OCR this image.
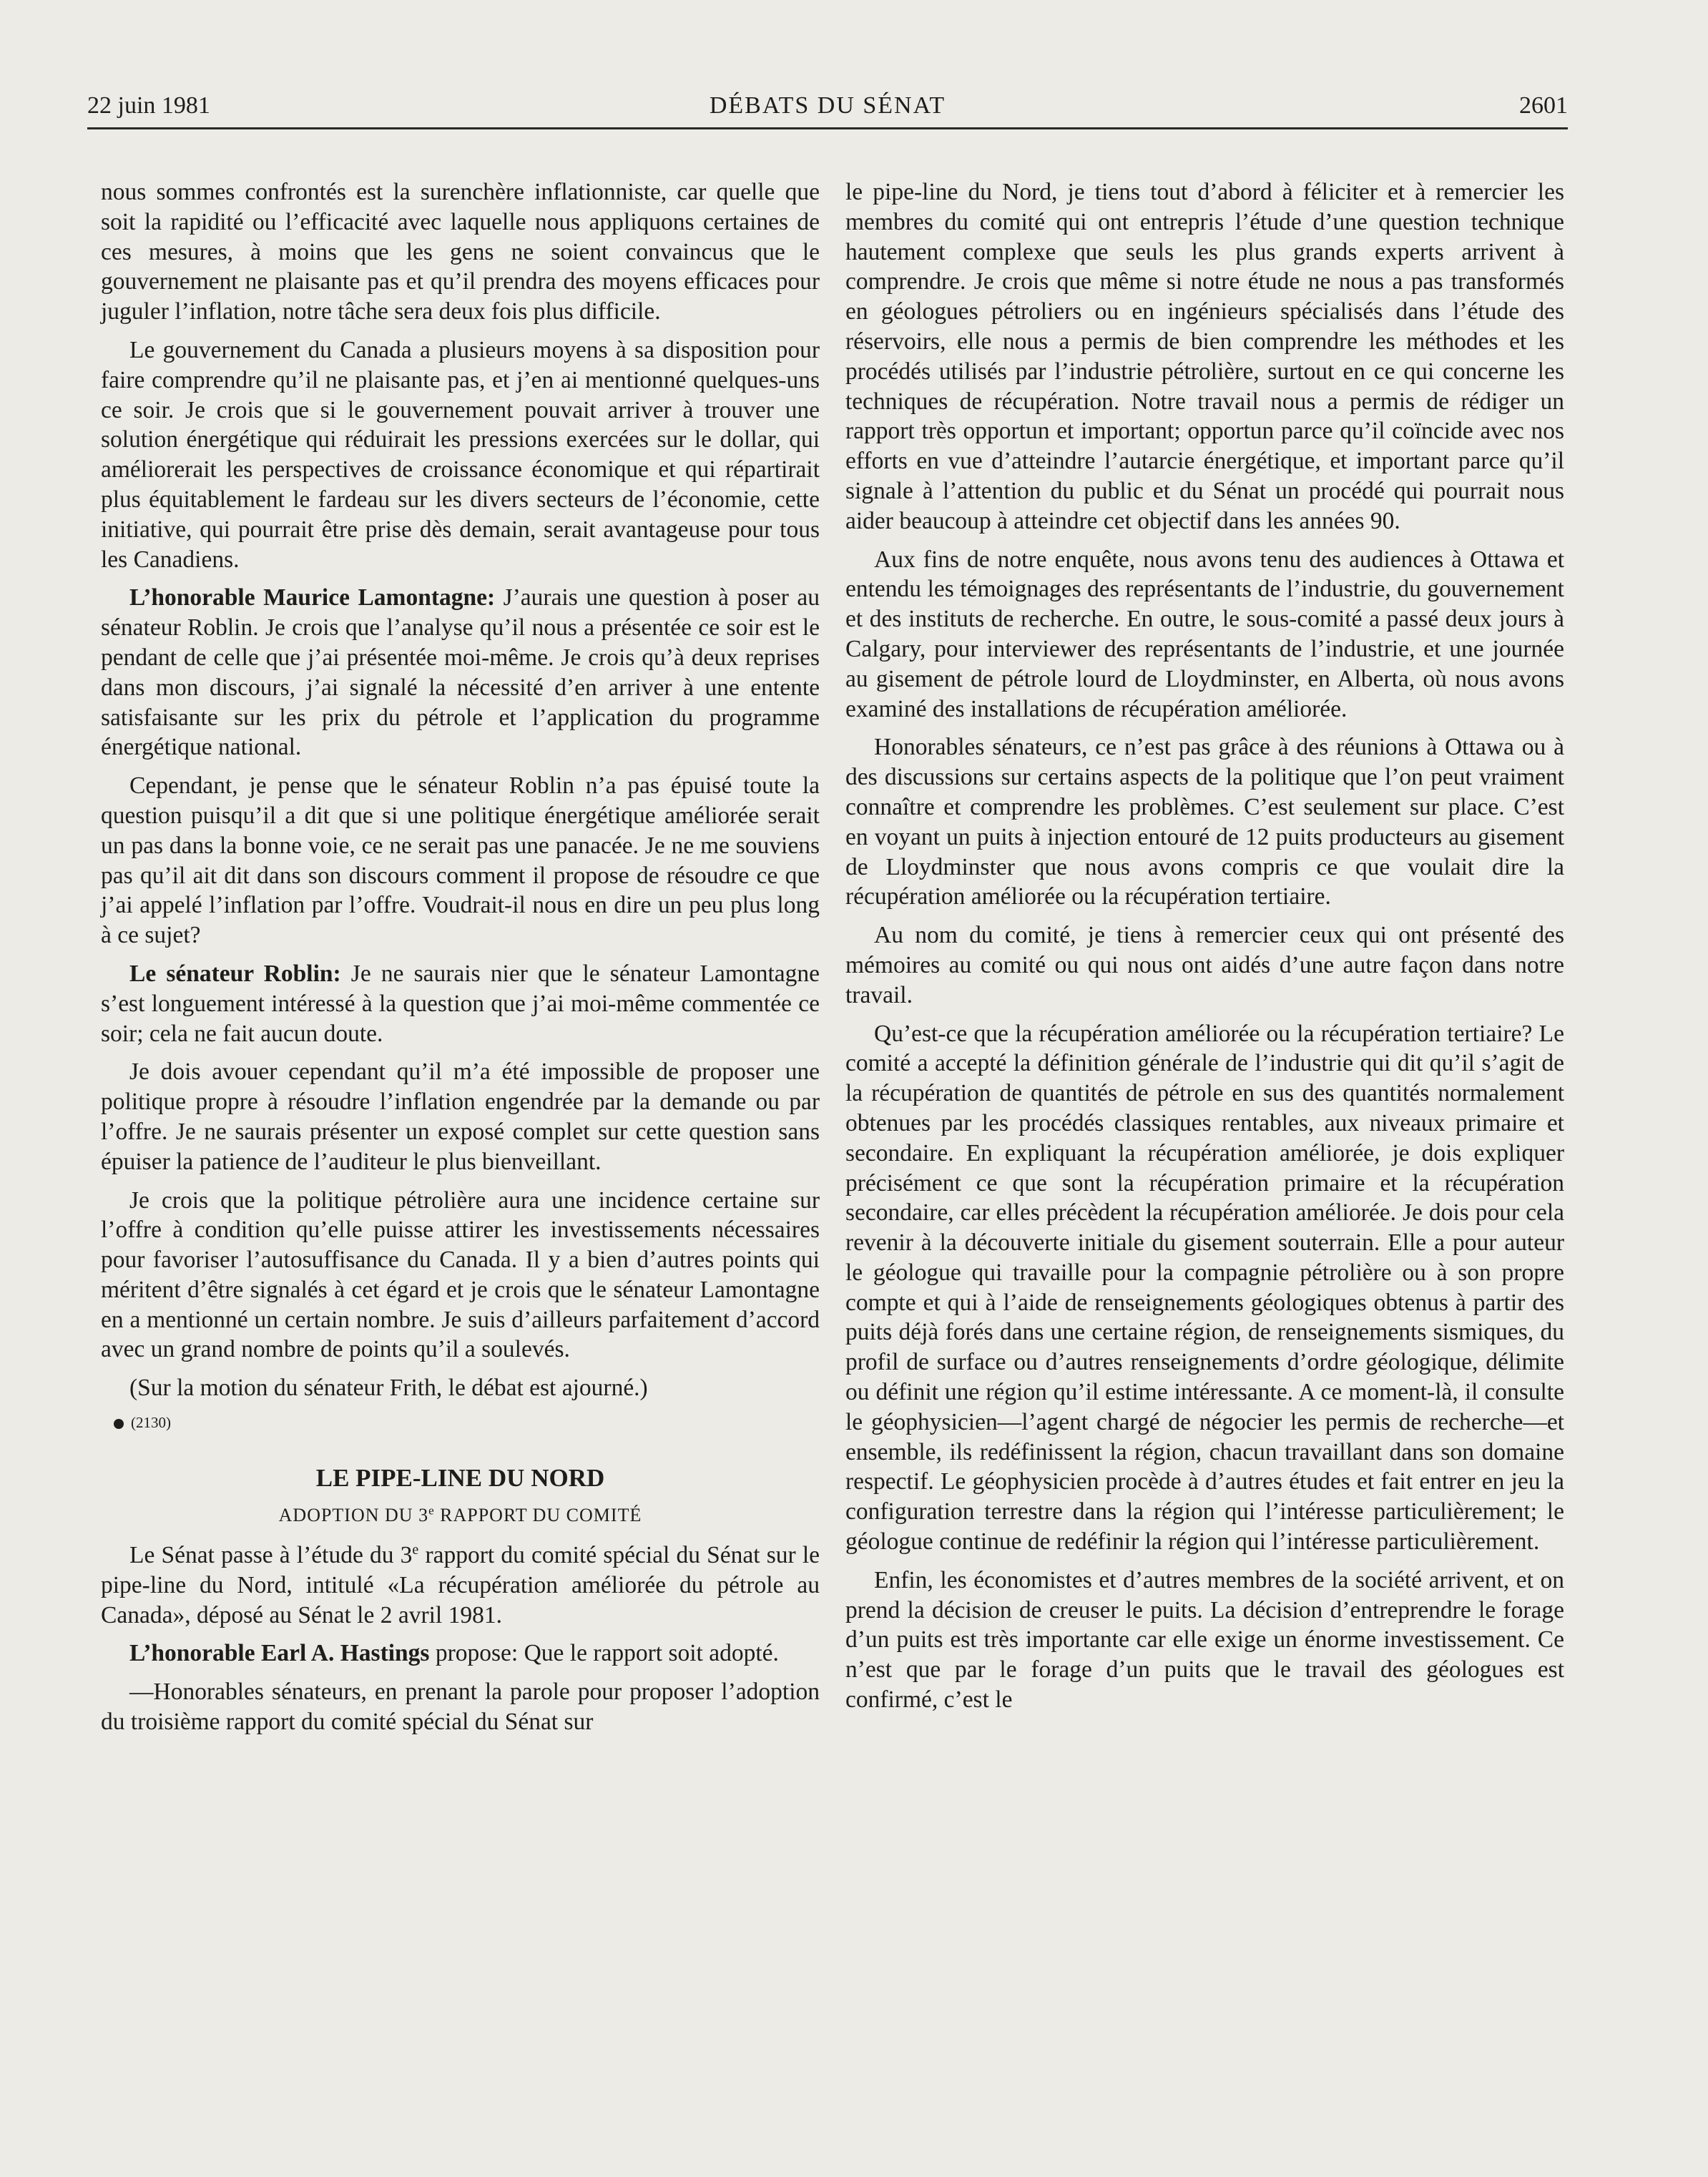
22 juin 1981	DÉBATS DU SÉNAT	2601

nous sommes confrontés est la surenchère inflationniste, car quelle que soit la rapidité ou l’efficacité avec laquelle nous appliquons certaines de ces mesures, à moins que les gens ne soient convaincus que le gouvernement ne plaisante pas et qu’il prendra des moyens efficaces pour juguler l’inflation, notre tâche sera deux fois plus difficile.

Le gouvernement du Canada a plusieurs moyens à sa disposition pour faire comprendre qu’il ne plaisante pas, et j’en ai mentionné quelques-uns ce soir. Je crois que si le gouvernement pouvait arriver à trouver une solution énergétique qui réduirait les pressions exercées sur le dollar, qui améliorerait les perspectives de croissance économique et qui répartirait plus équitablement le fardeau sur les divers secteurs de l’économie, cette initiative, qui pourrait être prise dès demain, serait avantageuse pour tous les Canadiens.

L’honorable Maurice Lamontagne: J’aurais une question à poser au sénateur Roblin. Je crois que l’analyse qu’il nous a présentée ce soir est le pendant de celle que j’ai présentée moi-même. Je crois qu’à deux reprises dans mon discours, j’ai signalé la nécessité d’en arriver à une entente satisfaisante sur les prix du pétrole et l’application du programme énergétique national.

Cependant, je pense que le sénateur Roblin n’a pas épuisé toute la question puisqu’il a dit que si une politique énergétique améliorée serait un pas dans la bonne voie, ce ne serait pas une panacée. Je ne me souviens pas qu’il ait dit dans son discours comment il propose de résoudre ce que j’ai appelé l’inflation par l’offre. Voudrait-il nous en dire un peu plus long à ce sujet?

Le sénateur Roblin: Je ne saurais nier que le sénateur Lamontagne s’est longuement intéressé à la question que j’ai moi-même commentée ce soir; cela ne fait aucun doute.

Je dois avouer cependant qu’il m’a été impossible de proposer une politique propre à résoudre l’inflation engendrée par la demande ou par l’offre. Je ne saurais présenter un exposé complet sur cette question sans épuiser la patience de l’auditeur le plus bienveillant.

Je crois que la politique pétrolière aura une incidence certaine sur l’offre à condition qu’elle puisse attirer les investissements nécessaires pour favoriser l’autosuffisance du Canada. Il y a bien d’autres points qui méritent d’être signalés à cet égard et je crois que le sénateur Lamontagne en a mentionné un certain nombre. Je suis d’ailleurs parfaitement d’accord avec un grand nombre de points qu’il a soulevés.

(Sur la motion du sénateur Frith, le débat est ajourné.)

(2130)
LE PIPE-LINE DU NORD
ADOPTION DU 3e RAPPORT DU COMITÉ

Le Sénat passe à l’étude du 3e rapport du comité spécial du Sénat sur le pipe-line du Nord, intitulé «La récupération améliorée du pétrole au Canada», déposé au Sénat le 2 avril 1981.

L’honorable Earl A. Hastings propose: Que le rapport soit adopté.

—Honorables sénateurs, en prenant la parole pour proposer l’adoption du troisième rapport du comité spécial du Sénat sur

le pipe-line du Nord, je tiens tout d’abord à féliciter et à remercier les membres du comité qui ont entrepris l’étude d’une question technique hautement complexe que seuls les plus grands experts arrivent à comprendre. Je crois que même si notre étude ne nous a pas transformés en géologues pétroliers ou en ingénieurs spécialisés dans l’étude des réservoirs, elle nous a permis de bien comprendre les méthodes et les procédés utilisés par l’industrie pétrolière, surtout en ce qui concerne les techniques de récupération. Notre travail nous a permis de rédiger un rapport très opportun et important; opportun parce qu’il coïncide avec nos efforts en vue d’atteindre l’autarcie énergétique, et important parce qu’il signale à l’attention du public et du Sénat un procédé qui pourrait nous aider beaucoup à atteindre cet objectif dans les années 90.

Aux fins de notre enquête, nous avons tenu des audiences à Ottawa et entendu les témoignages des représentants de l’industrie, du gouvernement et des instituts de recherche. En outre, le sous-comité a passé deux jours à Calgary, pour interviewer des représentants de l’industrie, et une journée au gisement de pétrole lourd de Lloydminster, en Alberta, où nous avons examiné des installations de récupération améliorée.

Honorables sénateurs, ce n’est pas grâce à des réunions à Ottawa ou à des discussions sur certains aspects de la politique que l’on peut vraiment connaître et comprendre les problèmes. C’est seulement sur place. C’est en voyant un puits à injection entouré de 12 puits producteurs au gisement de Lloydminster que nous avons compris ce que voulait dire la récupération améliorée ou la récupération tertiaire.

Au nom du comité, je tiens à remercier ceux qui ont présenté des mémoires au comité ou qui nous ont aidés d’une autre façon dans notre travail.

Qu’est-ce que la récupération améliorée ou la récupération tertiaire? Le comité a accepté la définition générale de l’industrie qui dit qu’il s’agit de la récupération de quantités de pétrole en sus des quantités normalement obtenues par les procédés classiques rentables, aux niveaux primaire et secondaire. En expliquant la récupération améliorée, je dois expliquer précisément ce que sont la récupération primaire et la récupération secondaire, car elles précèdent la récupération améliorée. Je dois pour cela revenir à la découverte initiale du gisement souterrain. Elle a pour auteur le géologue qui travaille pour la compagnie pétrolière ou à son propre compte et qui à l’aide de renseignements géologiques obtenus à partir des puits déjà forés dans une certaine région, de renseignements sismiques, du profil de surface ou d’autres renseignements d’ordre géologique, délimite ou définit une région qu’il estime intéressante. A ce moment-là, il consulte le géophysicien—l’agent chargé de négocier les permis de recherche—et ensemble, ils redéfinissent la région, chacun travaillant dans son domaine respectif. Le géophysicien procède à d’autres études et fait entrer en jeu la configuration terrestre dans la région qui l’intéresse particulièrement; le géologue continue de redéfinir la région qui l’intéresse particulièrement.

Enfin, les économistes et d’autres membres de la société arrivent, et on prend la décision de creuser le puits. La décision d’entreprendre le forage d’un puits est très importante car elle exige un énorme investissement. Ce n’est que par le forage d’un puits que le travail des géologues est confirmé, c’est le
